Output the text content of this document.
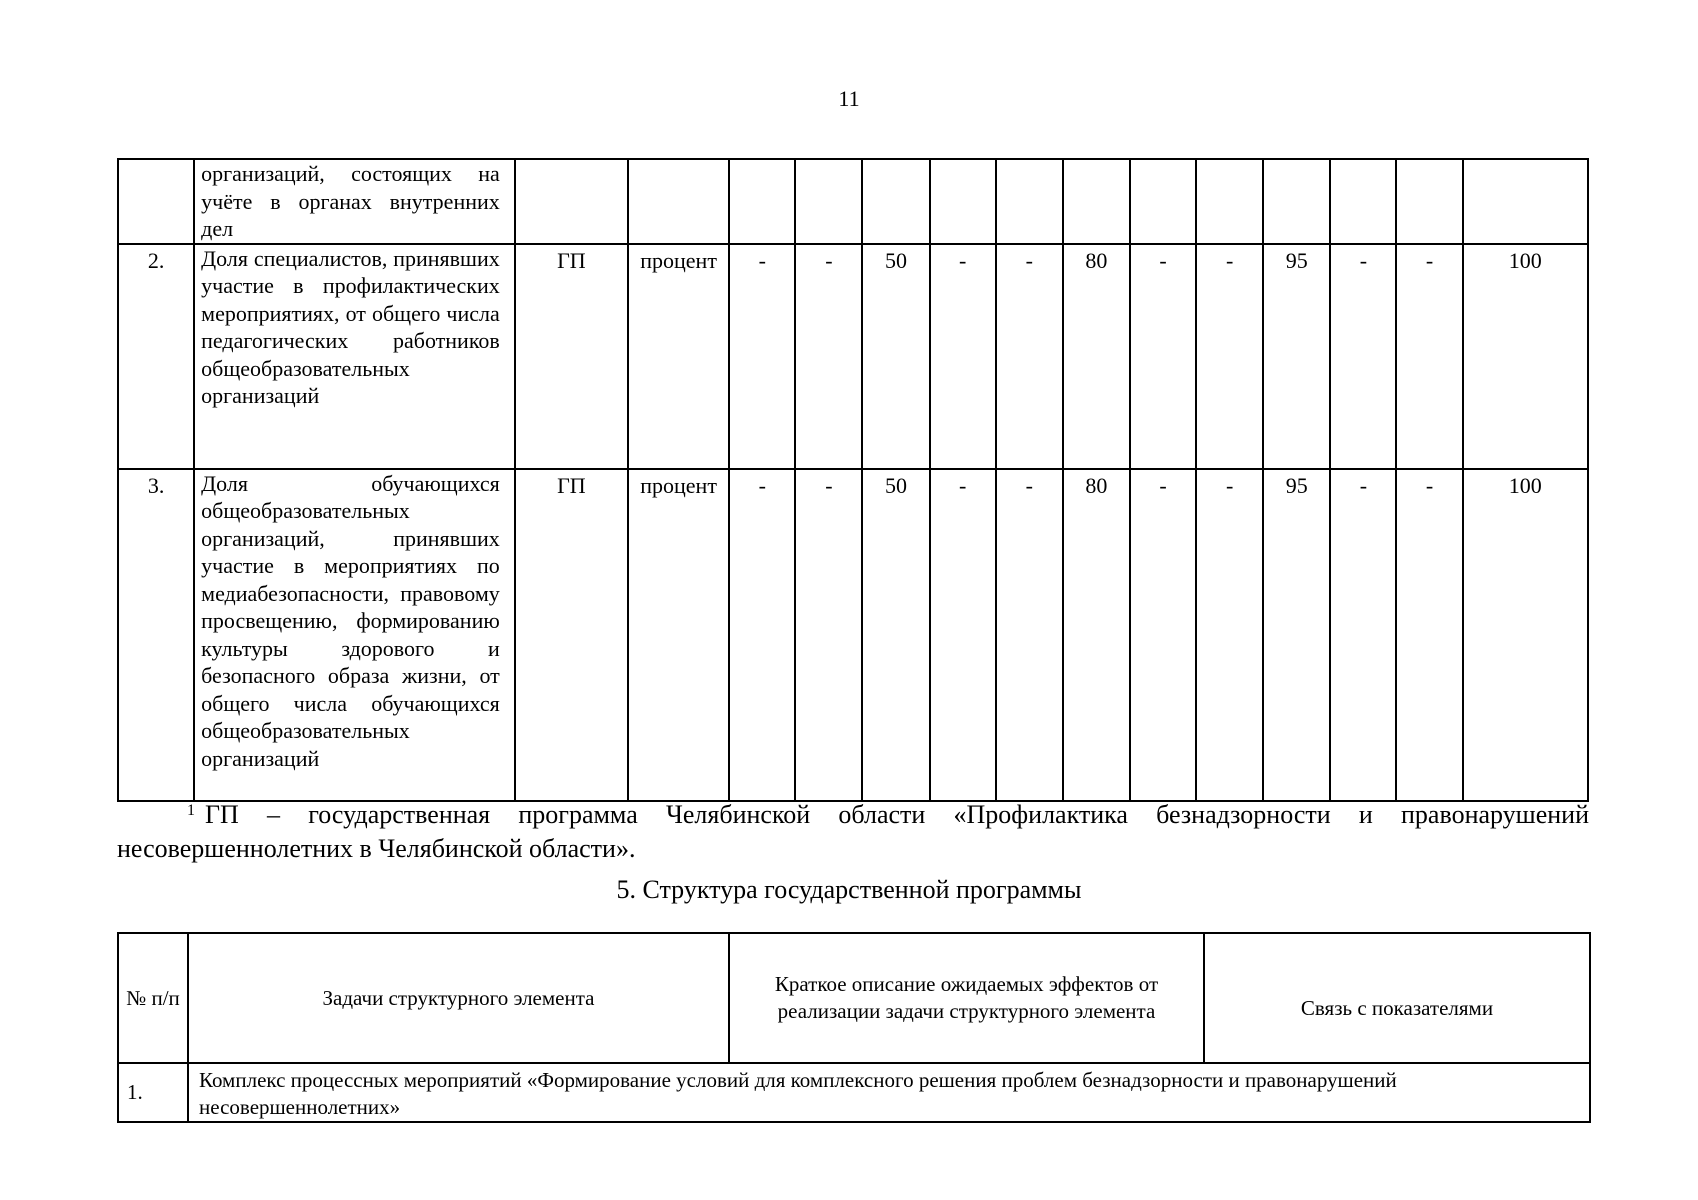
11
	организаций, состоящих на учёте в органах внутренних дел														
2.	Доля специалистов, принявших участие в профилактических мероприятиях, от общего числа педагогических работников общеобразовательных организаций	ГП	процент	-	-	50	-	-	80	-	-	95	-	-	100
3.	Доля обучающихся общеобразовательных организаций, принявших участие в мероприятиях по медиабезопасности, правовому просвещению, формированию культуры здорового и безопасного образа жизни, от общего числа обучающихся общеобразовательных организаций	ГП	процент	-	-	50	-	-	80	-	-	95	-	-	100
$^1$ ГП – государственная программа Челябинской области «Профилактика безнадзорности и правонарушений несовершеннолетних в Челябинской области».
5. Структура государственной программы
№ п/п	Задачи структурного элемента	Краткое описание ожидаемых эффектов от реализации задачи структурного элемента	Связь с показателями
1.	Комплекс процессных мероприятий «Формирование условий для комплексного решения проблем безнадзорности и правонарушений несовершеннолетних»		
